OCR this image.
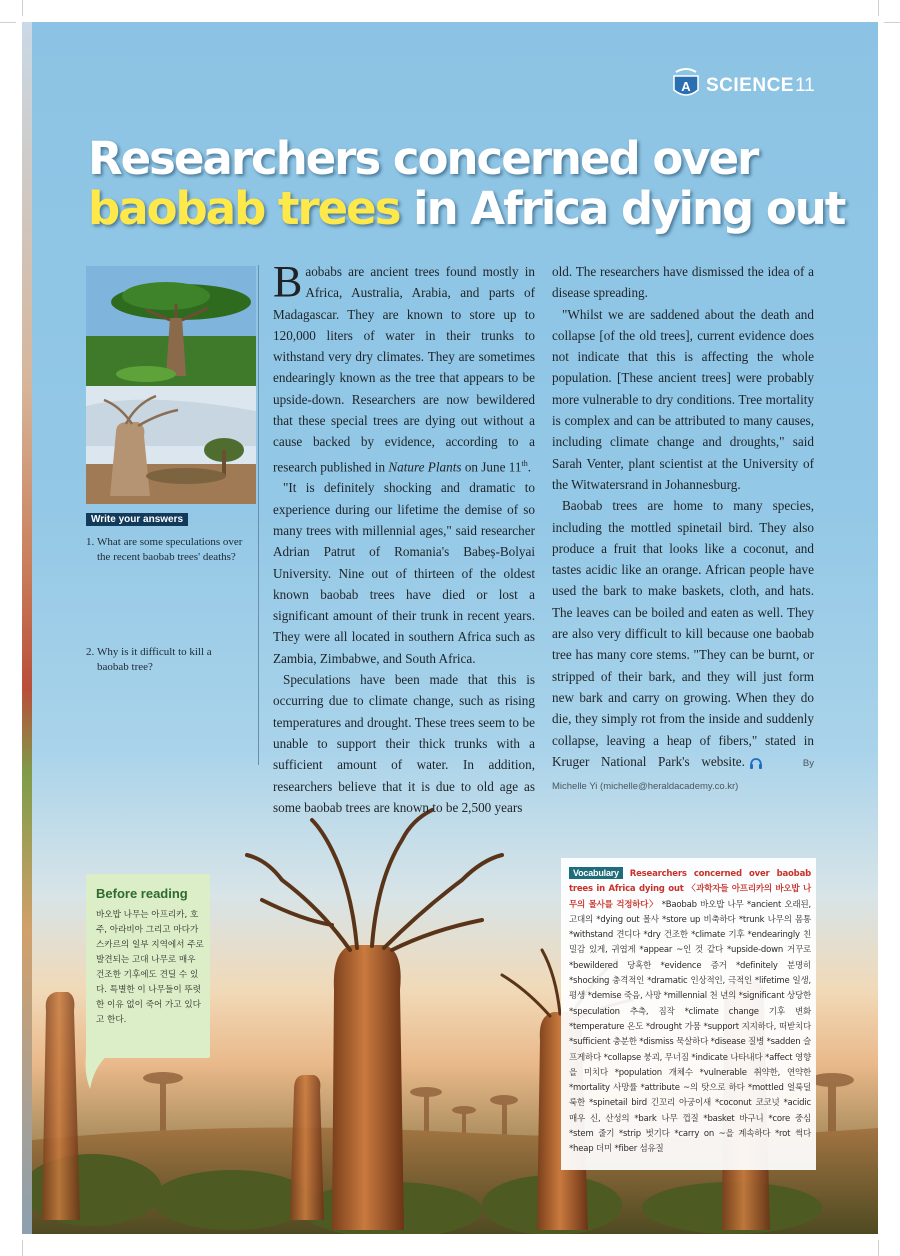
A SCIENCE 11
Researchers concerned over
baobab trees in Africa dying out
Write your answers
1. What are some speculations over the recent baobab trees' deaths?
2. Why is it difficult to kill a baobab tree?

Baobabs are ancient trees found mostly in Africa, Australia, Arabia, and parts of Madagascar. They are known to store up to 120,000 liters of water in their trunks to withstand very dry climates. They are sometimes endearingly known as the tree that appears to be upside-down. Researchers are now bewildered that these special trees are dying out without a cause backed by evidence, according to a research published in Nature Plants on June 11th.

"It is definitely shocking and dramatic to experience during our lifetime the demise of so many trees with millennial ages," said researcher Adrian Patrut of Romania's Babeș-Bolyai University. Nine out of thirteen of the oldest known baobab trees have died or lost a significant amount of their trunk in recent years. They were all located in southern Africa such as Zambia, Zimbabwe, and South Africa.

Speculations have been made that this is occurring due to climate change, such as rising temperatures and drought. These trees seem to be unable to support their thick trunks with a sufficient amount of water. In addition, researchers believe that it is due to old age as some baobab trees are known to be 2,500 years

old. The researchers have dismissed the idea of a disease spreading.

"Whilst we are saddened about the death and collapse [of the old trees], current evidence does not indicate that this is affecting the whole population. [These ancient trees] were probably more vulnerable to dry conditions. Tree mortality is complex and can be attributed to many causes, including climate change and droughts," said Sarah Venter, plant scientist at the University of the Witwatersrand in Johannesburg.

Baobab trees are home to many species, including the mottled spinetail bird. They also produce a fruit that looks like a coconut, and tastes acidic like an orange. African people have used the bark to make baskets, cloth, and hats. The leaves can be boiled and eaten as well. They are also very difficult to kill because one baobab tree has many core stems. "They can be burnt, or stripped of their bark, and they will just form new bark and carry on growing. When they do die, they simply rot from the inside and suddenly collapse, leaving a heap of fibers," stated in Kruger National Park's website.	By Michelle Yi (michelle@heraldacademy.co.kr)

Before reading
바오밥 나무는 아프리카, 호주, 아라비아 그리고 마다가스카르의 일부 지역에서 주로 발견되는 고대 나무로 매우 건조한 기후에도 견딜 수 있다. 특별한 이 나무들이 뚜렷한 이유 없이 죽어 가고 있다고 한다.
Vocabulary Researchers concerned over baobab trees in Africa dying out 〈과학자들 아프리카의 바오밥 나무의 몰사를 걱정하다〉 *Baobab 바오밥 나무 *ancient 오래된, 고대의 *dying out 몰사 *store up 비축하다 *trunk 나무의 몸통 *withstand 견디다 *dry 건조한 *climate 기후 *endearingly 친밀감 있게, 귀엽게 *appear ~인 것 같다 *upside-down 거꾸로 *bewildered 당혹한 *evidence 증거 *definitely 분명히 *shocking 충격적인 *dramatic 인상적인, 극적인 *lifetime 일생, 평생 *demise 죽음, 사망 *millennial 천 년의 *significant 상당한 *speculation 추측, 짐작 *climate change 기후 변화 *temperature 온도 *drought 가뭄 *support 지지하다, 떠받치다 *sufficient 충분한 *dismiss 묵살하다 *disease 질병 *sadden 슬프게하다 *collapse 붕괴, 무너짐 *indicate 나타내다 *affect 영향을 미치다 *population 개체수 *vulnerable 취약한, 연약한 *mortality 사망률 *attribute ~의 탓으로 하다 *mottled 얼룩덜룩한 *spinetail bird 긴꼬리 아궁이새 *coconut 코코넛 *acidic 매우 신, 산성의 *bark 나무 껍질 *basket 바구니 *core 중심 *stem 줄기 *strip 벗기다 *carry on ~을 계속하다 *rot 썩다 *heap 더미 *fiber 섬유질
